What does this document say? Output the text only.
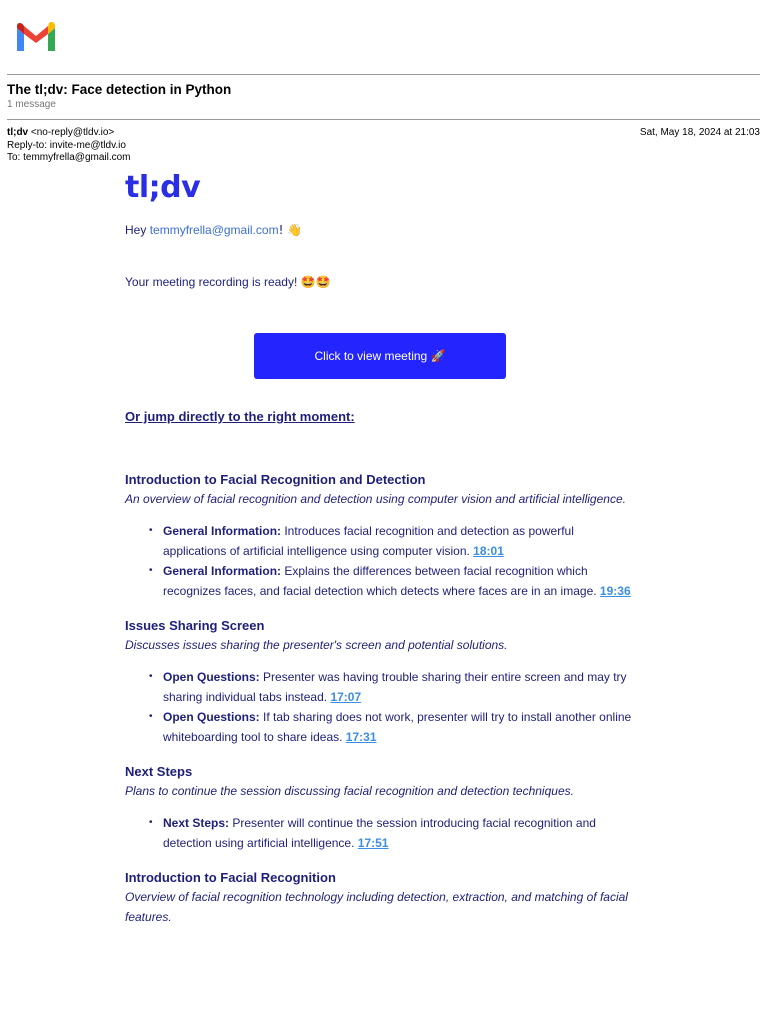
The tl;dv: Face detection in Python
1 message
tl;dv <no-reply@tldv.io>
Reply-to: invite-me@tldv.io
To: temmyfrella@gmail.com
Sat, May 18, 2024 at 21:03
tl;dv
Hey temmyfrella@gmail.com! 👋
Your meeting recording is ready! 🤩🤩
Click to view meeting 🚀
Or jump directly to the right moment:
Introduction to Facial Recognition and Detection
An overview of facial recognition and detection using computer vision and artificial intelligence.
• General Information: Introduces facial recognition and detection as powerful applications of artificial intelligence using computer vision. 18:01
• General Information: Explains the differences between facial recognition which recognizes faces, and facial detection which detects where faces are in an image. 19:36
Issues Sharing Screen
Discusses issues sharing the presenter's screen and potential solutions.
• Open Questions: Presenter was having trouble sharing their entire screen and may try sharing individual tabs instead. 17:07
• Open Questions: If tab sharing does not work, presenter will try to install another online whiteboarding tool to share ideas. 17:31
Next Steps
Plans to continue the session discussing facial recognition and detection techniques.
• Next Steps: Presenter will continue the session introducing facial recognition and detection using artificial intelligence. 17:51
Introduction to Facial Recognition
Overview of facial recognition technology including detection, extraction, and matching of facial features.
